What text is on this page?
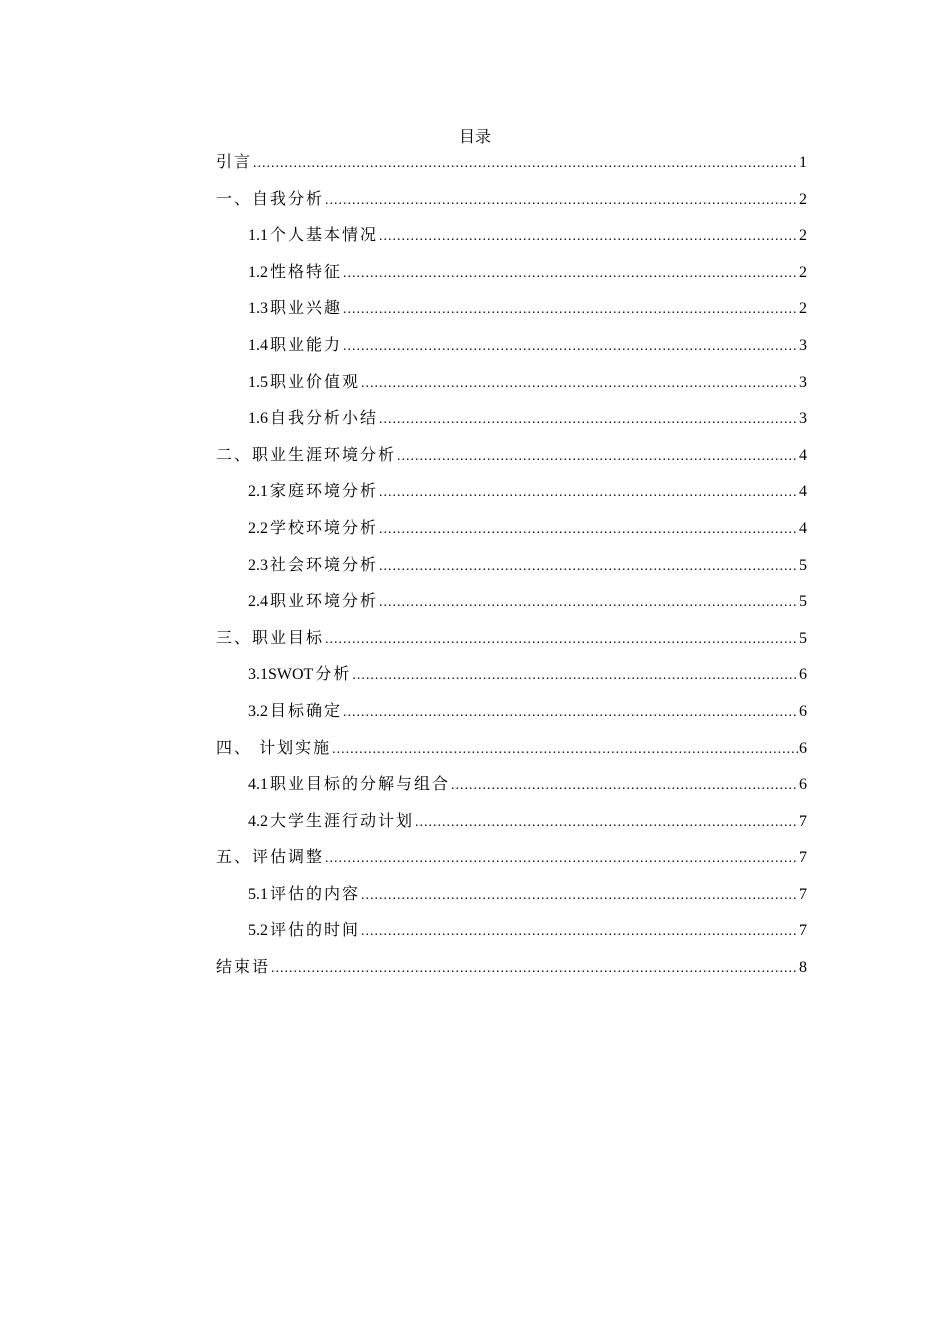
目录
引言 .....	1
一、自我分析 .....	2
1.1 个人基本情况 .....	2
1.2 性格特征 .....	2
1.3 职业兴趣 .....	2
1.4 职业能力 .....	3
1.5 职业价值观 .....	3
1.6 自我分析小结 .....	3
二、职业生涯环境分析 .....	4
2.1 家庭环境分析 .....	4
2.2 学校环境分析 .....	4
2.3 社会环境分析 .....	5
2.4 职业环境分析 .....	5
三、职业目标 .....	5
3.1SWOT 分析 .....	6
3.2 目标确定 .....	6
四、 计划实施 .....	6
4.1 职业目标的分解与组合 .....	6
4.2 大学生涯行动计划 .....	7
五、评估调整 .....	7
5.1 评估的内容 .....	7
5.2 评估的时间 .....	7
结束语 .....	8
